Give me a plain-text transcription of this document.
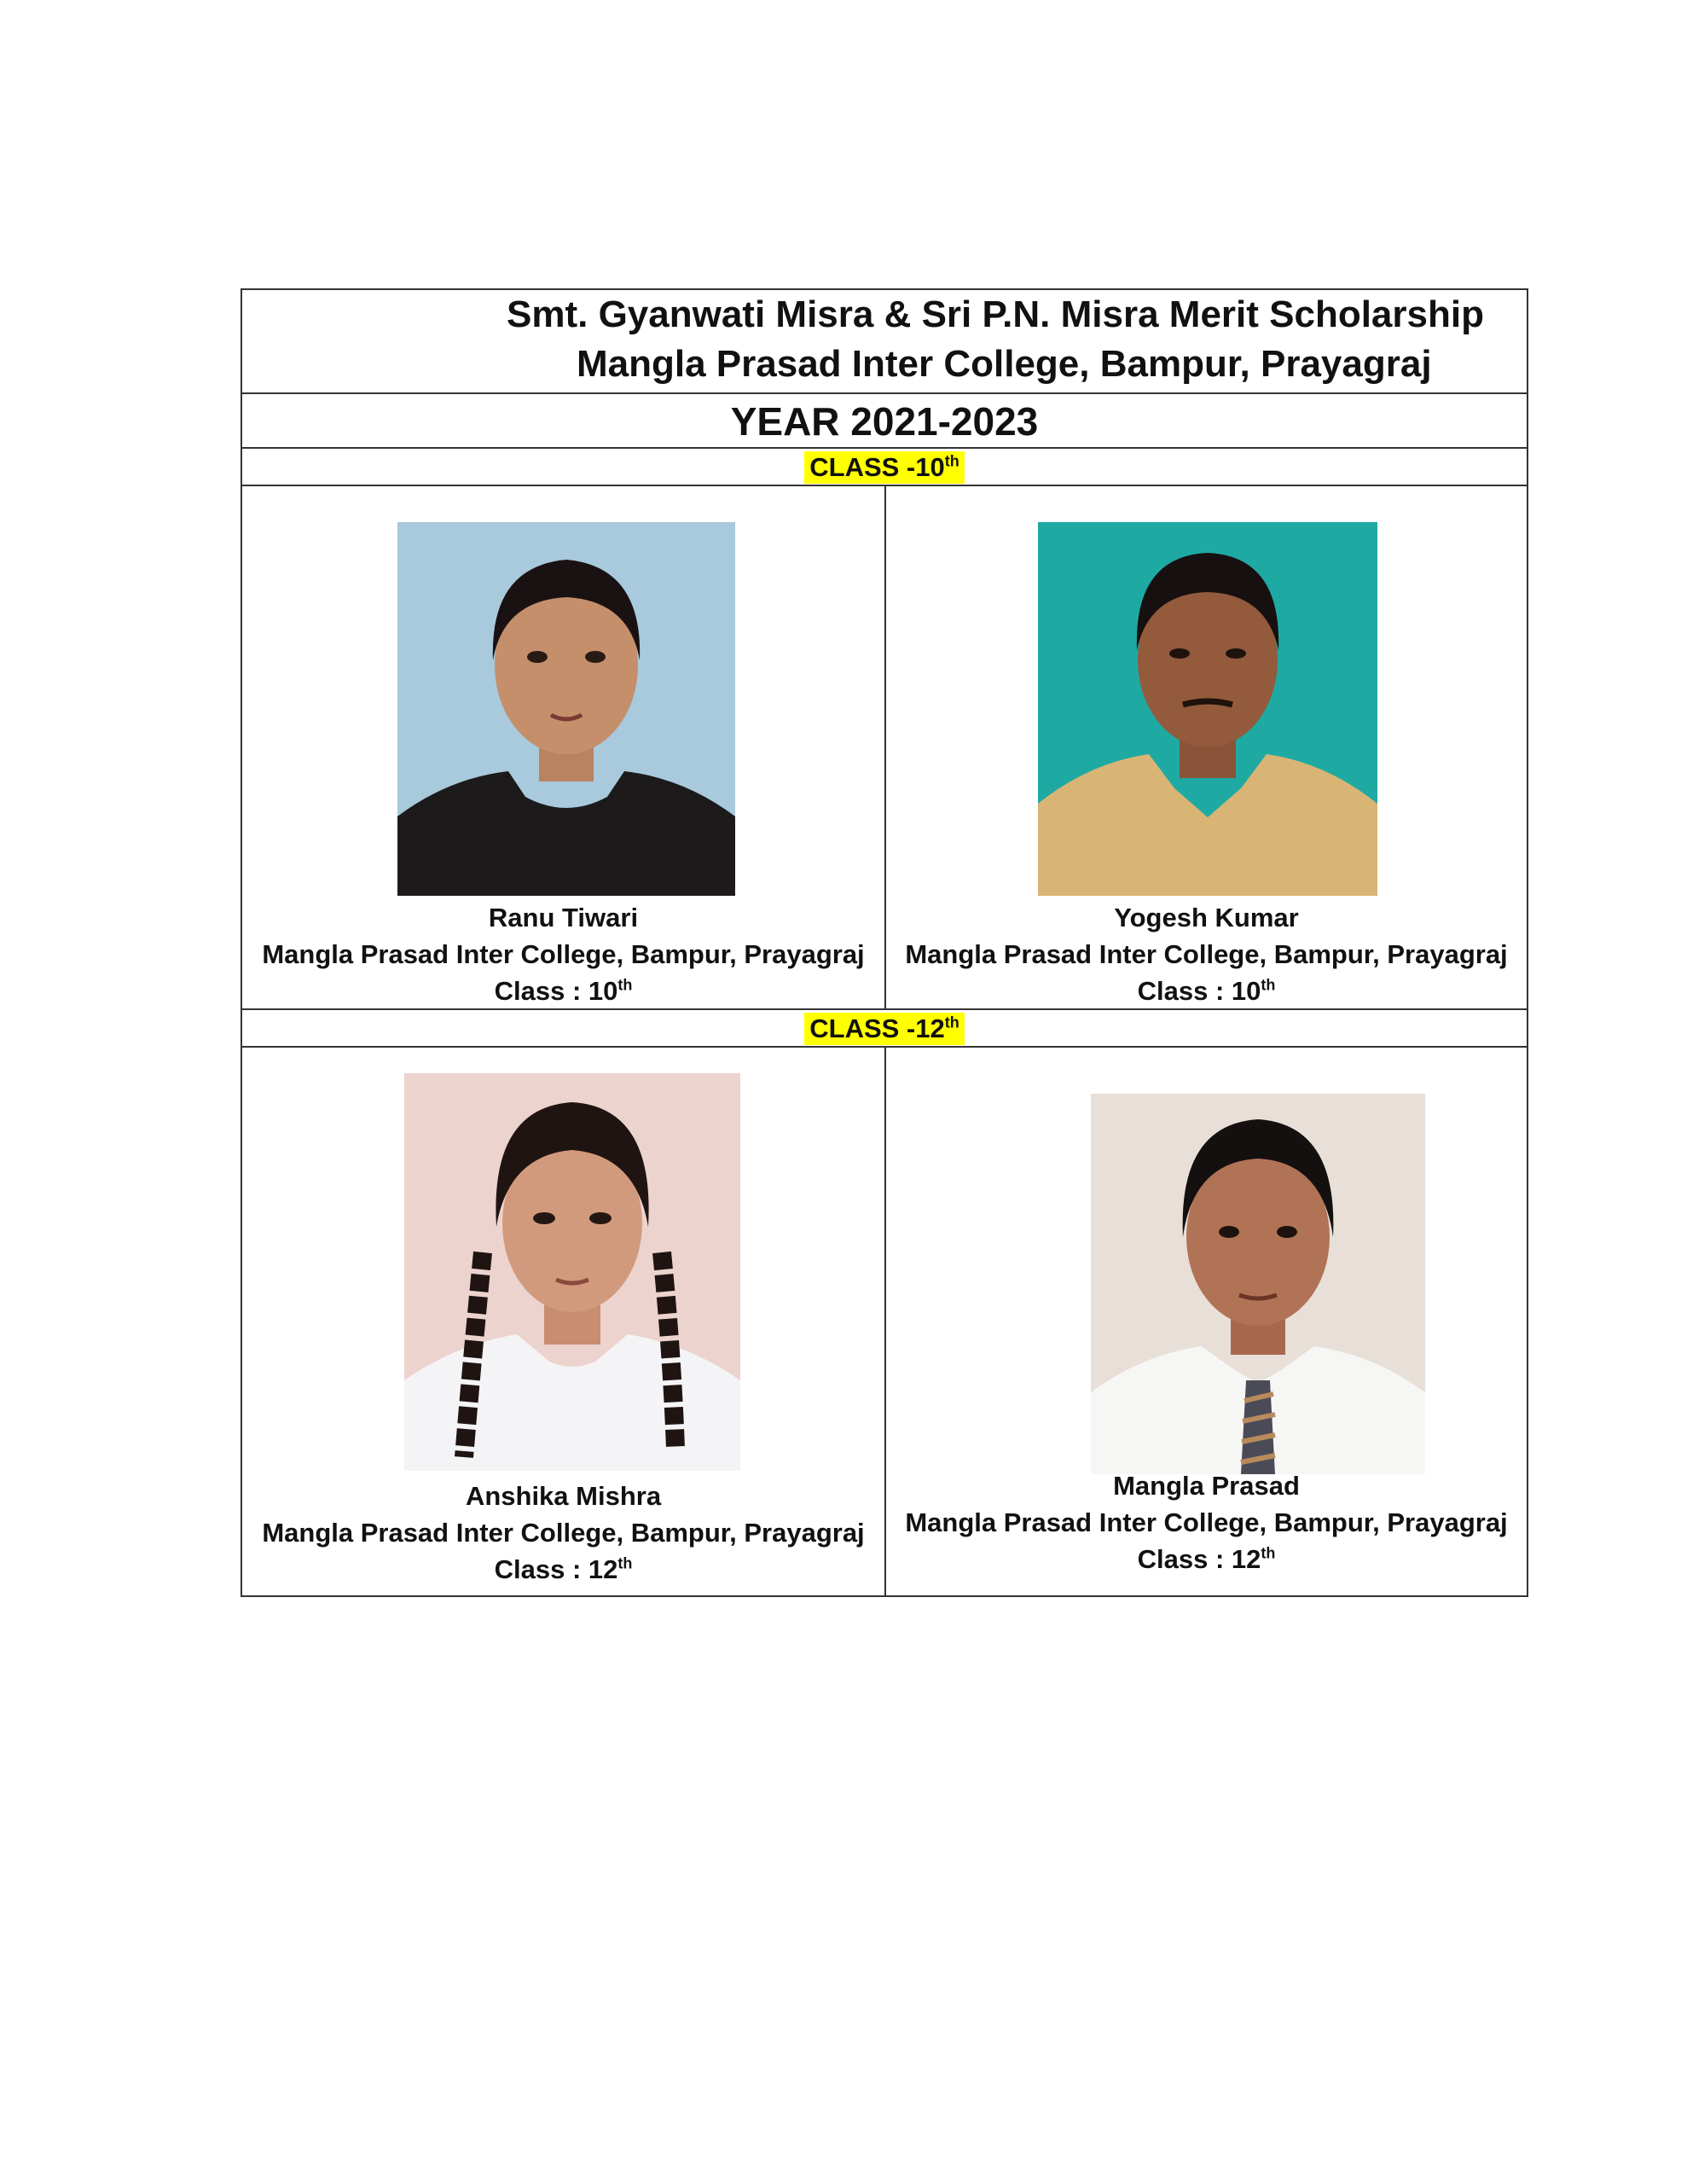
Smt. Gyanwati Misra & Sri P.N. Misra Merit Scholarship
Mangla Prasad Inter College, Bampur, Prayagraj
YEAR 2021-2023
CLASS -10th
Ranu Tiwari
Mangla Prasad Inter College, Bampur, Prayagraj
Class : 10th
Yogesh Kumar
Mangla Prasad Inter College, Bampur, Prayagraj
Class : 10th
CLASS -12th
Anshika Mishra
Mangla Prasad Inter College, Bampur, Prayagraj
Class : 12th
Mangla Prasad
Mangla Prasad Inter College, Bampur, Prayagraj
Class : 12th
